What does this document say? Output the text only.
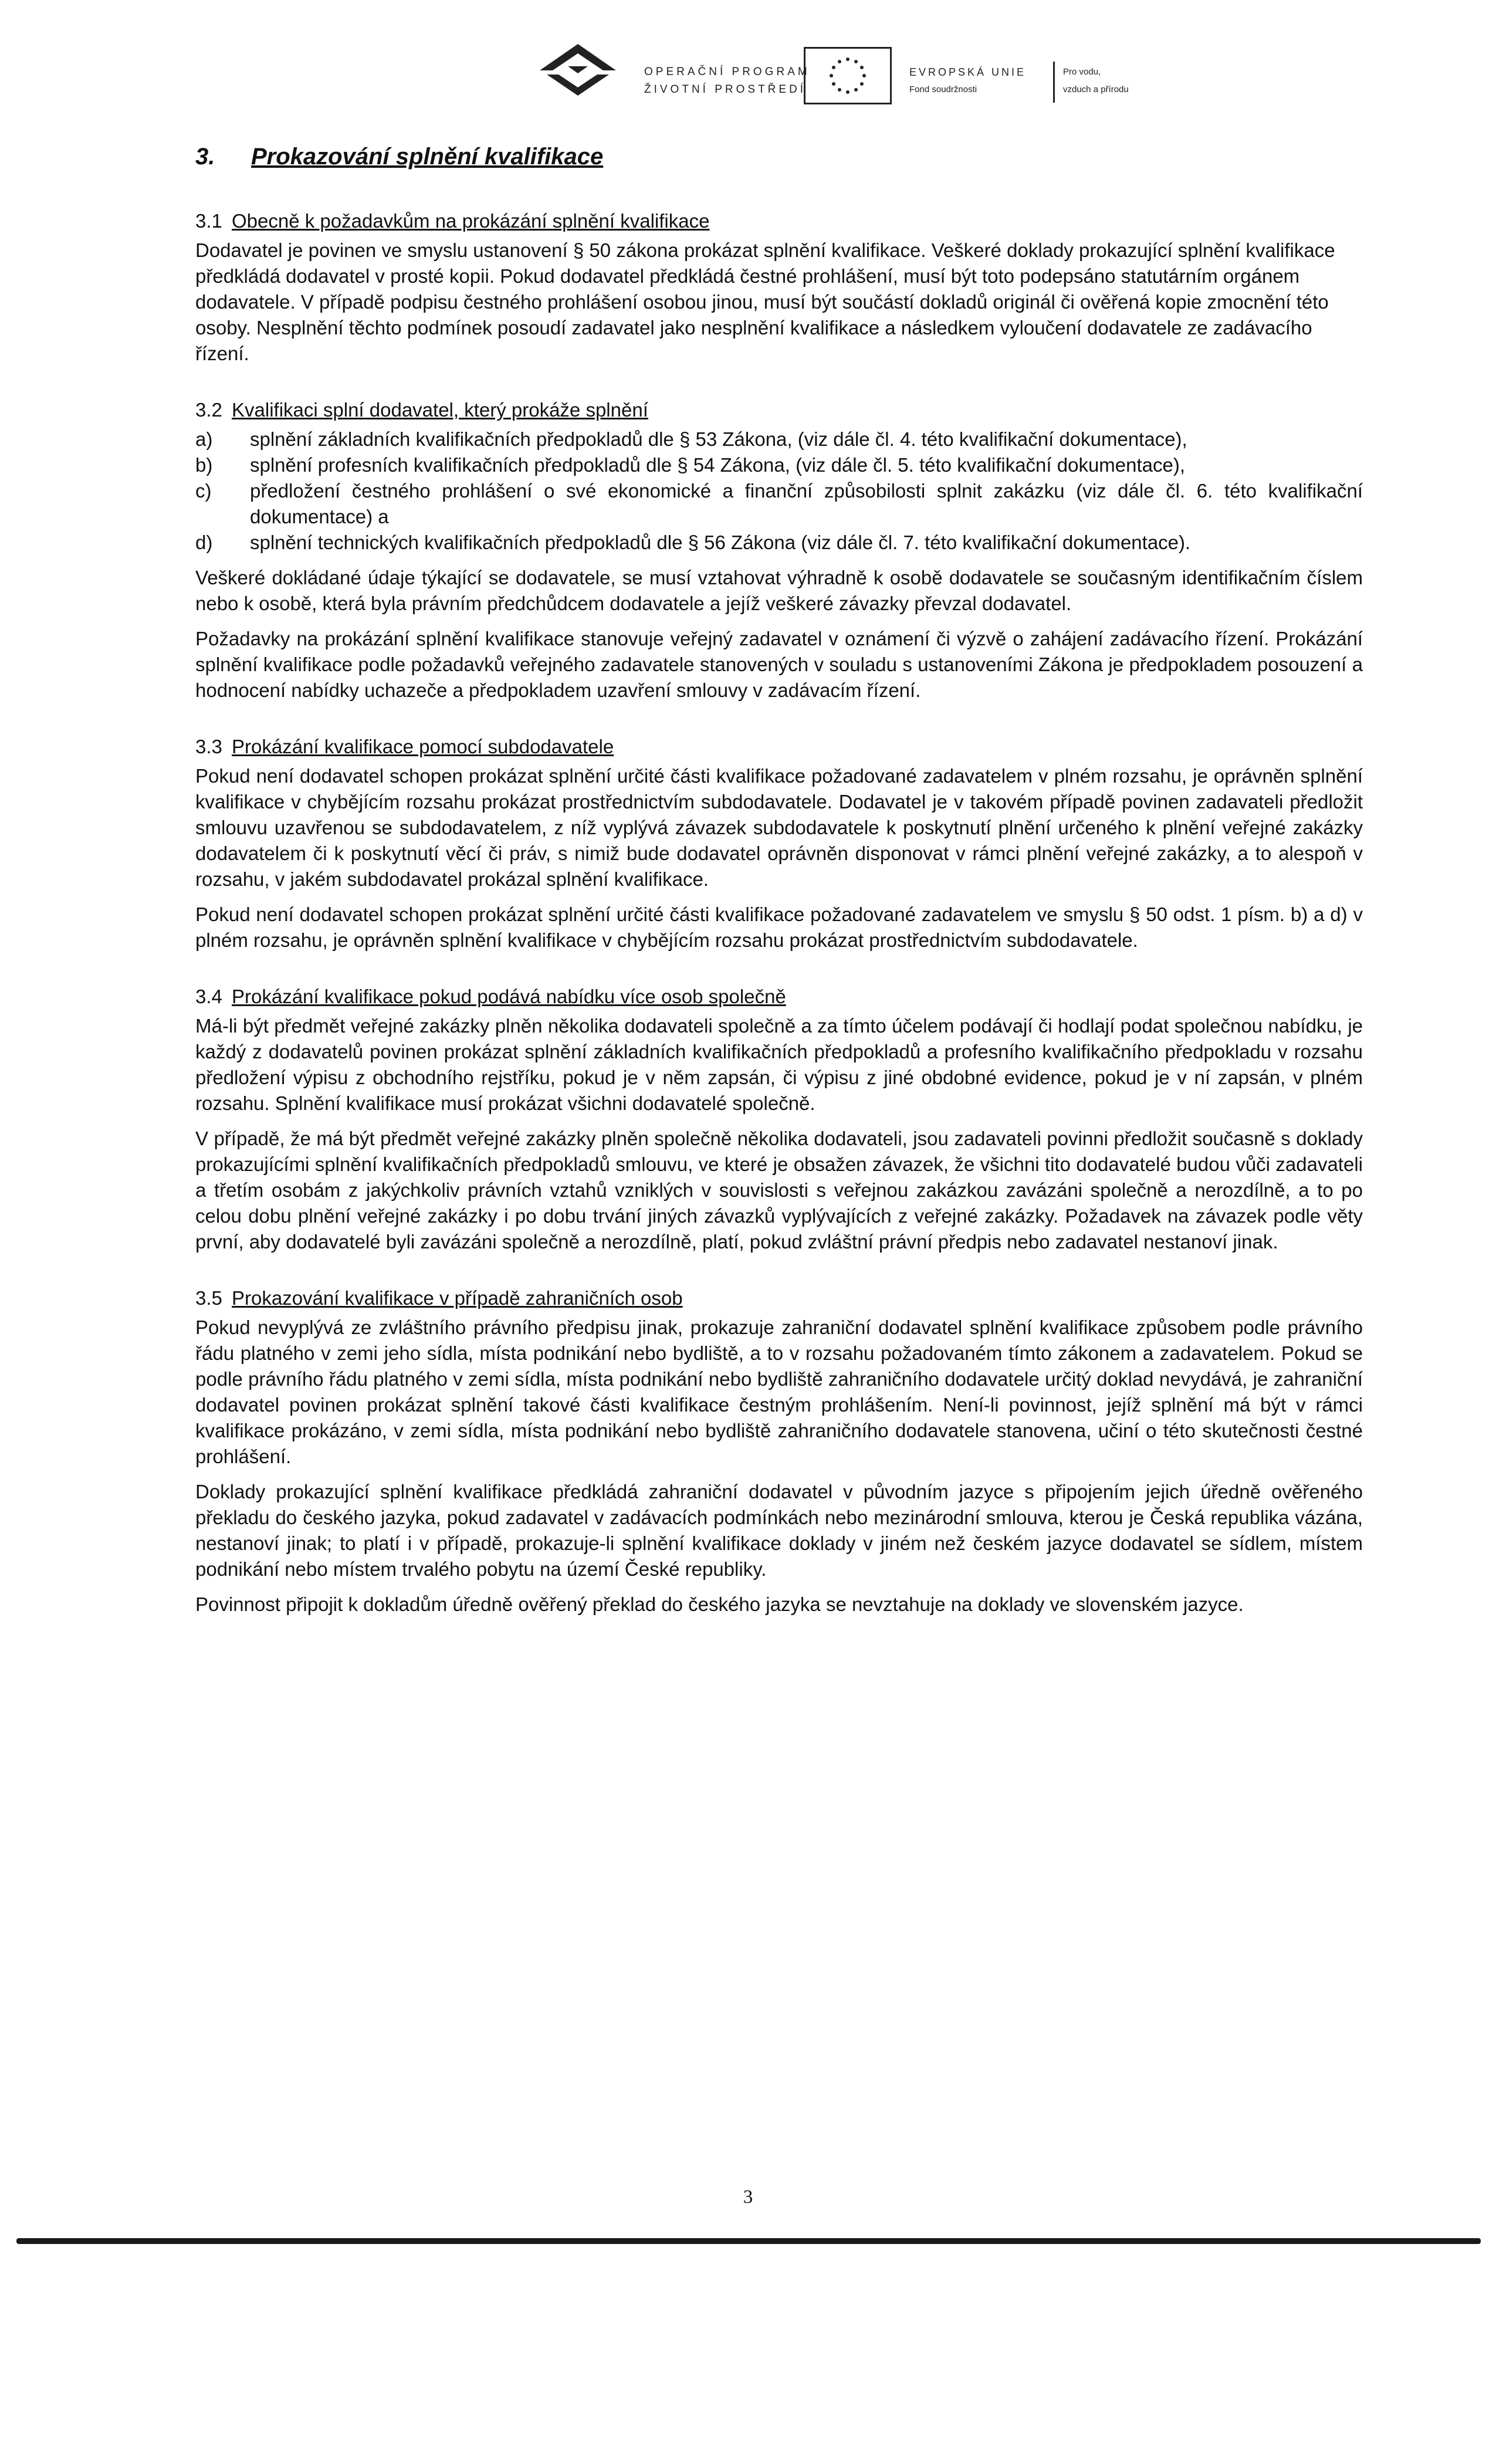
OPERAČNÍ PROGRAM
ŽIVOTNÍ PROSTŘEDÍ
EVROPSKÁ UNIE
Fond soudržnosti
Pro vodu,
vzduch a přírodu
3. Prokazování splnění kvalifikace
3.1 Obecně k požadavkům na prokázání splnění kvalifikace

Dodavatel je povinen ve smyslu ustanovení § 50 zákona prokázat splnění kvalifikace. Veškeré doklady prokazující splnění kvalifikace předkládá dodavatel v prosté kopii. Pokud dodavatel předkládá čestné prohlášení, musí být toto podepsáno statutárním orgánem dodavatele. V případě podpisu čestného prohlášení osobou jinou, musí být součástí dokladů originál či ověřená kopie zmocnění této osoby. Nesplnění těchto podmínek posoudí zadavatel jako nesplnění kvalifikace a následkem vyloučení dodavatele ze zadávacího řízení.

3.2 Kvalifikaci splní dodavatel, který prokáže splnění
a) splnění základních kvalifikačních předpokladů dle § 53 Zákona, (viz dále čl. 4. této kvalifikační dokumentace),
b) splnění profesních kvalifikačních předpokladů dle § 54 Zákona, (viz dále čl. 5. této kvalifikační dokumentace),
c) předložení čestného prohlášení o své ekonomické a finanční způsobilosti splnit zakázku (viz dále čl. 6. této kvalifikační dokumentace) a
d) splnění technických kvalifikačních předpokladů dle § 56 Zákona (viz dále čl. 7. této kvalifikační dokumentace).

Veškeré dokládané údaje týkající se dodavatele, se musí vztahovat výhradně k osobě dodavatele se současným identifikačním číslem nebo k osobě, která byla právním předchůdcem dodavatele a jejíž veškeré závazky převzal dodavatel.

Požadavky na prokázání splnění kvalifikace stanovuje veřejný zadavatel v oznámení či výzvě o zahájení zadávacího řízení. Prokázání splnění kvalifikace podle požadavků veřejného zadavatele stanovených v souladu s ustanoveními Zákona je předpokladem posouzení a hodnocení nabídky uchazeče a předpokladem uzavření smlouvy v zadávacím řízení.

3.3 Prokázání kvalifikace pomocí subdodavatele

Pokud není dodavatel schopen prokázat splnění určité části kvalifikace požadované zadavatelem v plném rozsahu, je oprávněn splnění kvalifikace v chybějícím rozsahu prokázat prostřednictvím subdodavatele. Dodavatel je v takovém případě povinen zadavateli předložit smlouvu uzavřenou se subdodavatelem, z níž vyplývá závazek subdodavatele k poskytnutí plnění určeného k plnění veřejné zakázky dodavatelem či k poskytnutí věcí či práv, s nimiž bude dodavatel oprávněn disponovat v rámci plnění veřejné zakázky, a to alespoň v rozsahu, v jakém subdodavatel prokázal splnění kvalifikace.

Pokud není dodavatel schopen prokázat splnění určité části kvalifikace požadované zadavatelem ve smyslu § 50 odst. 1 písm. b) a d) v plném rozsahu, je oprávněn splnění kvalifikace v chybějícím rozsahu prokázat prostřednictvím subdodavatele.

3.4 Prokázání kvalifikace pokud podává nabídku více osob společně

Má-li být předmět veřejné zakázky plněn několika dodavateli společně a za tímto účelem podávají či hodlají podat společnou nabídku, je každý z dodavatelů povinen prokázat splnění základních kvalifikačních předpokladů a profesního kvalifikačního předpokladu v rozsahu předložení výpisu z obchodního rejstříku, pokud je v něm zapsán, či výpisu z jiné obdobné evidence, pokud je v ní zapsán, v plném rozsahu. Splnění kvalifikace musí prokázat všichni dodavatelé společně.

V případě, že má být předmět veřejné zakázky plněn společně několika dodavateli, jsou zadavateli povinni předložit současně s doklady prokazujícími splnění kvalifikačních předpokladů smlouvu, ve které je obsažen závazek, že všichni tito dodavatelé budou vůči zadavateli a třetím osobám z jakýchkoliv právních vztahů vzniklých v souvislosti s veřejnou zakázkou zavázáni společně a nerozdílně, a to po celou dobu plnění veřejné zakázky i po dobu trvání jiných závazků vyplývajících z veřejné zakázky. Požadavek na závazek podle věty první, aby dodavatelé byli zavázáni společně a nerozdílně, platí, pokud zvláštní právní předpis nebo zadavatel nestanoví jinak.

3.5 Prokazování kvalifikace v případě zahraničních osob

Pokud nevyplývá ze zvláštního právního předpisu jinak, prokazuje zahraniční dodavatel splnění kvalifikace způsobem podle právního řádu platného v zemi jeho sídla, místa podnikání nebo bydliště, a to v rozsahu požadovaném tímto zákonem a zadavatelem. Pokud se podle právního řádu platného v zemi sídla, místa podnikání nebo bydliště zahraničního dodavatele určitý doklad nevydává, je zahraniční dodavatel povinen prokázat splnění takové části kvalifikace čestným prohlášením. Není-li povinnost, jejíž splnění má být v rámci kvalifikace prokázáno, v zemi sídla, místa podnikání nebo bydliště zahraničního dodavatele stanovena, učiní o této skutečnosti čestné prohlášení.

Doklady prokazující splnění kvalifikace předkládá zahraniční dodavatel v původním jazyce s připojením jejich úředně ověřeného překladu do českého jazyka, pokud zadavatel v zadávacích podmínkách nebo mezinárodní smlouva, kterou je Česká republika vázána, nestanoví jinak; to platí i v případě, prokazuje-li splnění kvalifikace doklady v jiném než českém jazyce dodavatel se sídlem, místem podnikání nebo místem trvalého pobytu na území České republiky.

Povinnost připojit k dokladům úředně ověřený překlad do českého jazyka se nevztahuje na doklady ve slovenském jazyce.

3
